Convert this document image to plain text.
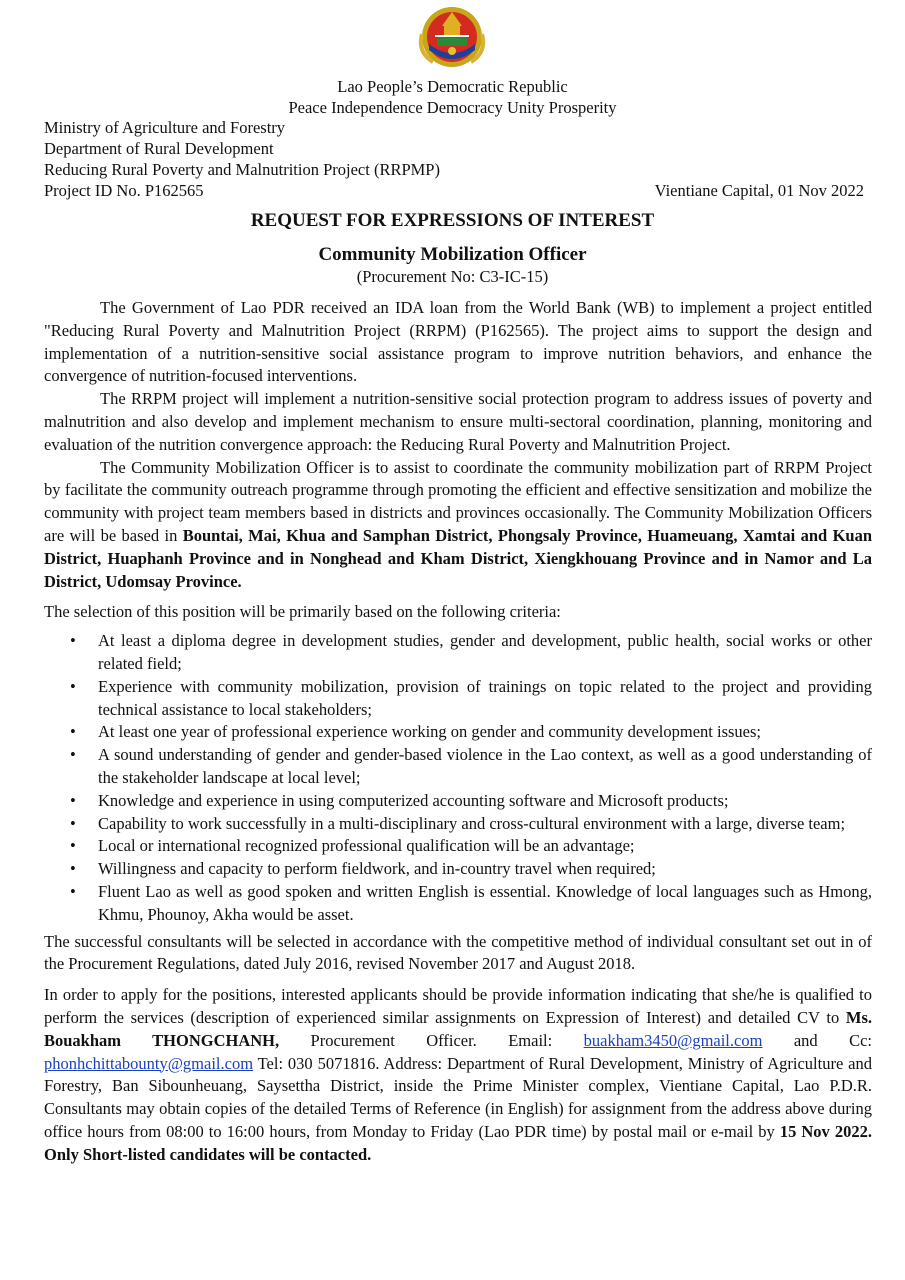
Lao People’s Democratic Republic
Peace Independence Democracy Unity Prosperity
Ministry of Agriculture and Forestry
Department of Rural Development
Reducing Rural Poverty and Malnutrition Project (RRPMP)
Project ID No. P162565	Vientiane Capital, 01 Nov 2022
REQUEST FOR EXPRESSIONS OF INTEREST
Community Mobilization Officer
(Procurement No: C3-IC-15)

The Government of Lao PDR received an IDA loan from the World Bank (WB) to implement a project entitled "Reducing Rural Poverty and Malnutrition Project (RRPM) (P162565). The project aims to support the design and implementation of a nutrition-sensitive social assistance program to improve nutrition behaviors, and enhance the convergence of nutrition-focused interventions.

The RRPM project will implement a nutrition-sensitive social protection program to address issues of poverty and malnutrition and also develop and implement mechanism to ensure multi-sectoral coordination, planning, monitoring and evaluation of the nutrition convergence approach: the Reducing Rural Poverty and Malnutrition Project.

The Community Mobilization Officer is to assist to coordinate the community mobilization part of RRPM Project by facilitate the community outreach programme through promoting the efficient and effective sensitization and mobilize the community with project team members based in districts and provinces occasionally. The Community Mobilization Officers are will be based in Bountai, Mai, Khua and Samphan District, Phongsaly Province, Huameuang, Xamtai and Kuan District, Huaphanh Province and in Nonghead and Kham District, Xiengkhouang Province and in Namor and La District, Udomsay Province.

The selection of this position will be primarily based on the following criteria:

• At least a diploma degree in development studies, gender and development, public health, social works or other related field;
• Experience with community mobilization, provision of trainings on topic related to the project and providing technical assistance to local stakeholders;
• At least one year of professional experience working on gender and community development issues;
• A sound understanding of gender and gender-based violence in the Lao context, as well as a good understanding of the stakeholder landscape at local level;
• Knowledge and experience in using computerized accounting software and Microsoft products;
• Capability to work successfully in a multi-disciplinary and cross-cultural environment with a large, diverse team;
• Local or international recognized professional qualification will be an advantage;
• Willingness and capacity to perform fieldwork, and in-country travel when required;
• Fluent Lao as well as good spoken and written English is essential. Knowledge of local languages such as Hmong, Khmu, Phounoy, Akha would be asset.

The successful consultants will be selected in accordance with the competitive method of individual consultant set out in of the Procurement Regulations, dated July 2016, revised November 2017 and August 2018.

In order to apply for the positions, interested applicants should be provide information indicating that she/he is qualified to perform the services (description of experienced similar assignments on Expression of Interest) and detailed CV to Ms. Bouakham THONGCHANH, Procurement Officer. Email: buakham3450@gmail.com and Cc: phonhchittabounty@gmail.com Tel: 030 5071816. Address: Department of Rural Development, Ministry of Agriculture and Forestry, Ban Sibounheuang, Saysettha District, inside the Prime Minister complex, Vientiane Capital, Lao P.D.R. Consultants may obtain copies of the detailed Terms of Reference (in English) for assignment from the address above during office hours from 08:00 to 16:00 hours, from Monday to Friday (Lao PDR time) by postal mail or e-mail by 15 Nov 2022. Only Short-listed candidates will be contacted.
